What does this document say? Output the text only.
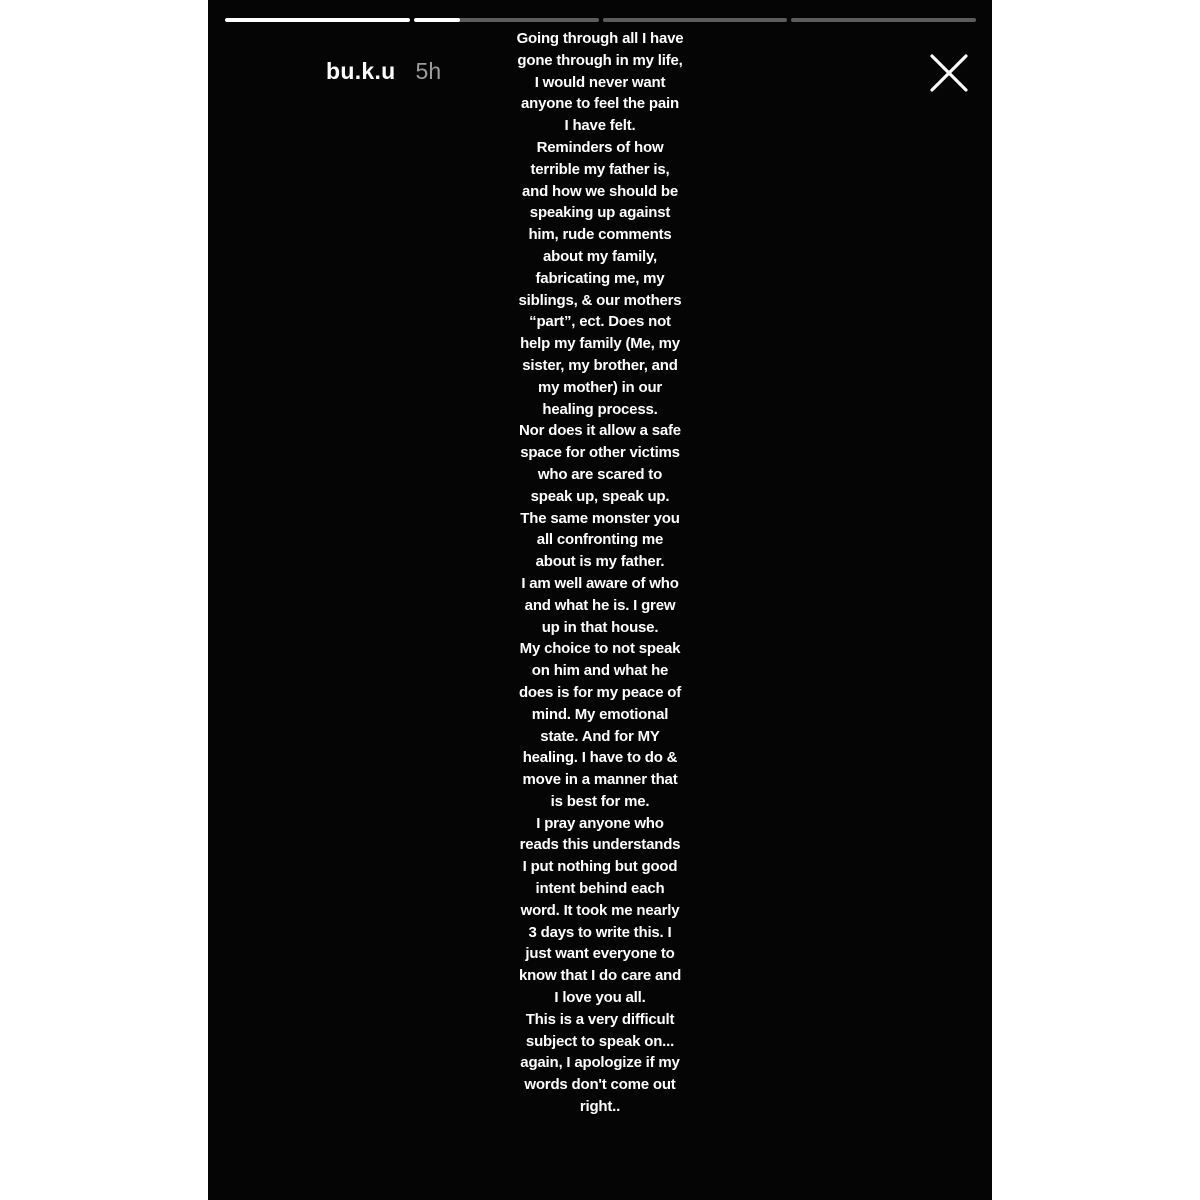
bu.k.u 5h
Going through all I have
gone through in my life,
I would never want
anyone to feel the pain
I have felt.
Reminders of how
terrible my father is,
and how we should be
speaking up against
him, rude comments
about my family,
fabricating me, my
siblings, & our mothers
“part”, ect. Does not
help my family (Me, my
sister, my brother, and
my mother) in our
healing process.
Nor does it allow a safe
space for other victims
who are scared to
speak up, speak up.
The same monster you
all confronting me
about is my father.
I am well aware of who
and what he is. I grew
up in that house.
My choice to not speak
on him and what he
does is for my peace of
mind. My emotional
state. And for MY
healing. I have to do &
move in a manner that
is best for me.
I pray anyone who
reads this understands
I put nothing but good
intent behind each
word. It took me nearly
3 days to write this. I
just want everyone to
know that I do care and
I love you all.
This is a very difficult
subject to speak on...
again, I apologize if my
words don't come out
right..
